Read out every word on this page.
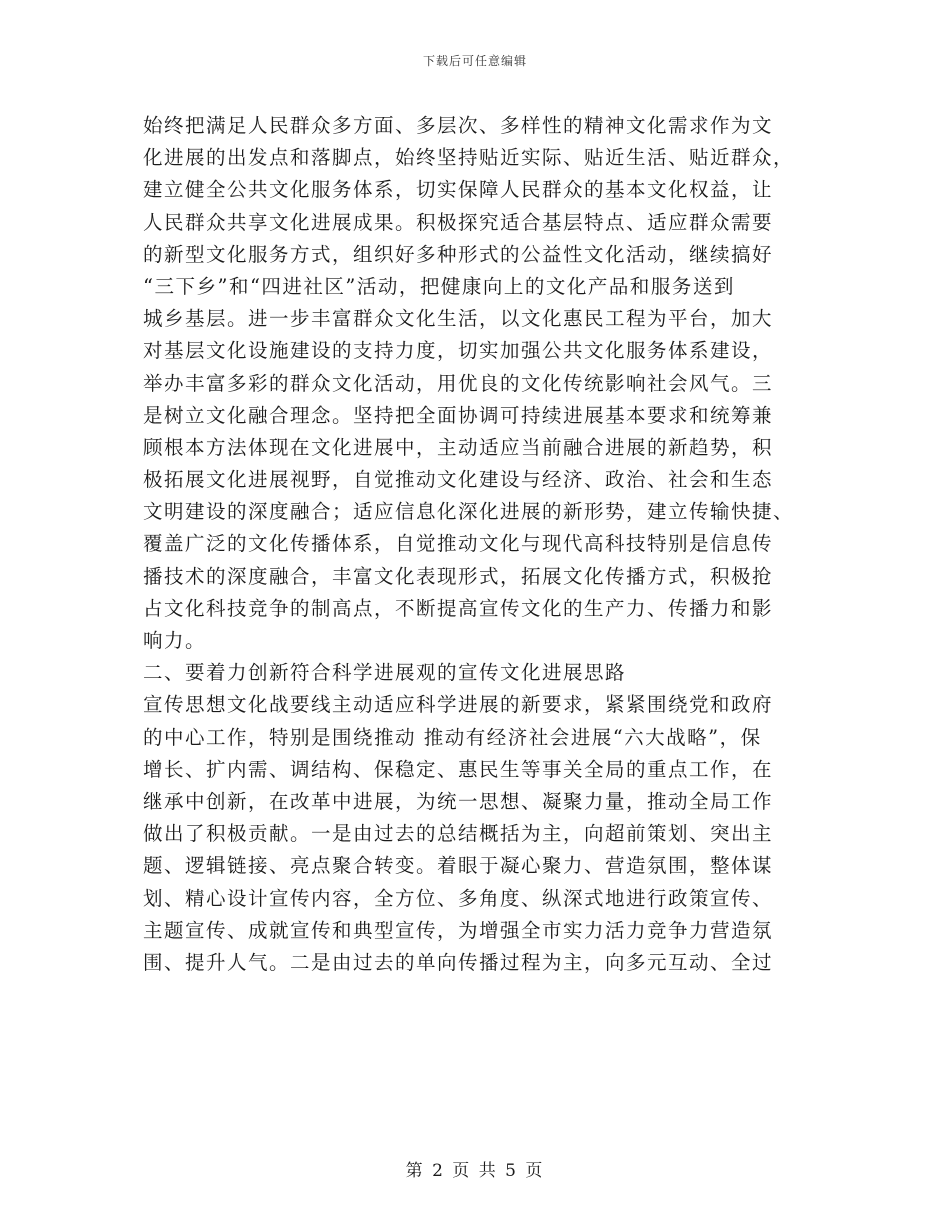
下载后可任意编辑
始终把满足人民群众多方面、多层次、多样性的精神文化需求作为文
化进展的出发点和落脚点，始终坚持贴近实际、贴近生活、贴近群众，
建立健全公共文化服务体系，切实保障人民群众的基本文化权益，让
人民群众共享文化进展成果。积极探究适合基层特点、适应群众需要
的新型文化服务方式，组织好多种形式的公益性文化活动，继续搞好
“三下乡”和“四进社区”活动，把健康向上的文化产品和服务送到
城乡基层。进一步丰富群众文化生活，以文化惠民工程为平台，加大
对基层文化设施建设的支持力度，切实加强公共文化服务体系建设，
举办丰富多彩的群众文化活动，用优良的文化传统影响社会风气。三
是树立文化融合理念。坚持把全面协调可持续进展基本要求和统筹兼
顾根本方法体现在文化进展中，主动适应当前融合进展的新趋势，积
极拓展文化进展视野，自觉推动文化建设与经济、政治、社会和生态
文明建设的深度融合；适应信息化深化进展的新形势，建立传输快捷、
覆盖广泛的文化传播体系，自觉推动文化与现代高科技特别是信息传
播技术的深度融合，丰富文化表现形式，拓展文化传播方式，积极抢
占文化科技竞争的制高点，不断提高宣传文化的生产力、传播力和影
响力。
二、要着力创新符合科学进展观的宣传文化进展思路
宣传思想文化战要线主动适应科学进展的新要求，紧紧围绕党和政府
的中心工作，特别是围绕推动 推动有经济社会进展“六大战略”，保
增长、扩内需、调结构、保稳定、惠民生等事关全局的重点工作，在
继承中创新，在改革中进展，为统一思想、凝聚力量，推动全局工作
做出了积极贡献。一是由过去的总结概括为主，向超前策划、突出主
题、逻辑链接、亮点聚合转变。着眼于凝心聚力、营造氛围，整体谋
划、精心设计宣传内容，全方位、多角度、纵深式地进行政策宣传、
主题宣传、成就宣传和典型宣传，为增强全市实力活力竞争力营造氛
围、提升人气。二是由过去的单向传播过程为主，向多元互动、全过
第 2 页 共 5 页
